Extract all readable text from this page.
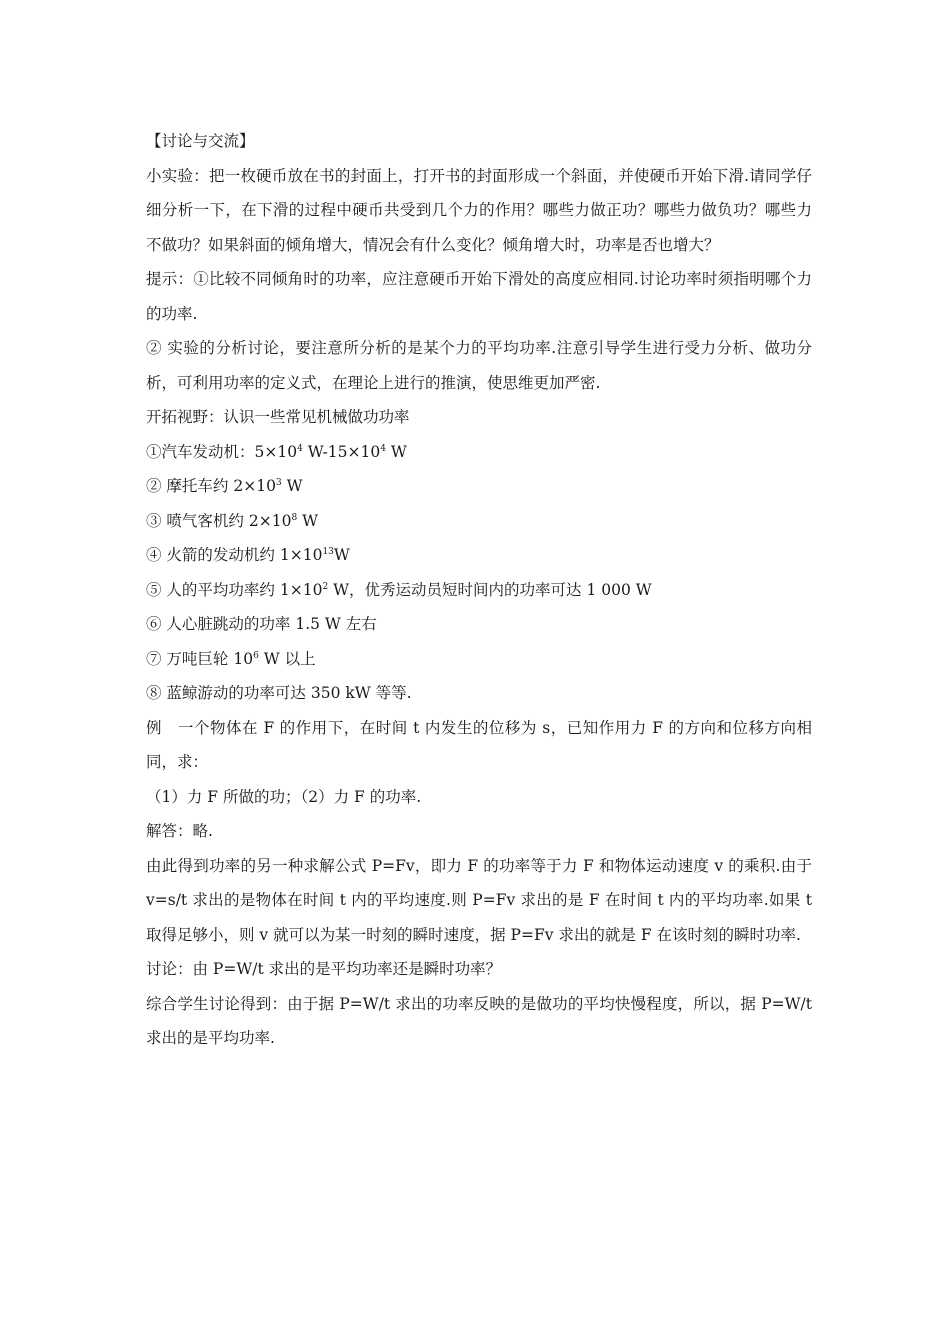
【讨论与交流】

小实验：把一枚硬币放在书的封面上，打开书的封面形成一个斜面，并使硬币开始下滑.请同学仔细分析一下，在下滑的过程中硬币共受到几个力的作用？哪些力做正功？哪些力做负功？哪些力不做功？如果斜面的倾角增大，情况会有什么变化？倾角增大时，功率是否也增大？

提示：①比较不同倾角时的功率，应注意硬币开始下滑处的高度应相同.讨论功率时须指明哪个力的功率.

② 实验的分析讨论，要注意所分析的是某个力的平均功率.注意引导学生进行受力分析、做功分析，可利用功率的定义式，在理论上进行的推演，使思维更加严密.

开拓视野：认识一些常见机械做功功率

①汽车发动机：$5\times 10^4$ $W-15\times 10^4$ W

② 摩托车约 $2\times 10^3$ W

③ 喷气客机约 $2\times 10^8$ W

④ 火箭的发动机约 $1\times 10^{13}W$

⑤ 人的平均功率约 $1\times 10^2$ W，优秀运动员短时间内的功率可达 1 000 W

⑥ 人心脏跳动的功率 1.5 W 左右

⑦ 万吨巨轮 $10^6$ W 以上

⑧ 蓝鲸游动的功率可达 350 kW 等等.

例　一个物体在 F 的作用下，在时间 t 内发生的位移为 s，已知作用力 F 的方向和位移方向相同，求：

（1）力 F 所做的功；（2）力 F 的功率.

解答：略.

由此得到功率的另一种求解公式 P=Fv，即力 F 的功率等于力 F 和物体运动速度 v 的乘积.由于 v=s/t 求出的是物体在时间 t 内的平均速度.则 P=Fv 求出的是 F 在时间 t 内的平均功率.如果 t 取得足够小，则 v 就可以为某一时刻的瞬时速度，据 P=Fv 求出的就是 F 在该时刻的瞬时功率.

讨论：由 P=W/t 求出的是平均功率还是瞬时功率？

综合学生讨论得到：由于据 P=W/t 求出的功率反映的是做功的平均快慢程度，所以，据 P=W/t 求出的是平均功率.
